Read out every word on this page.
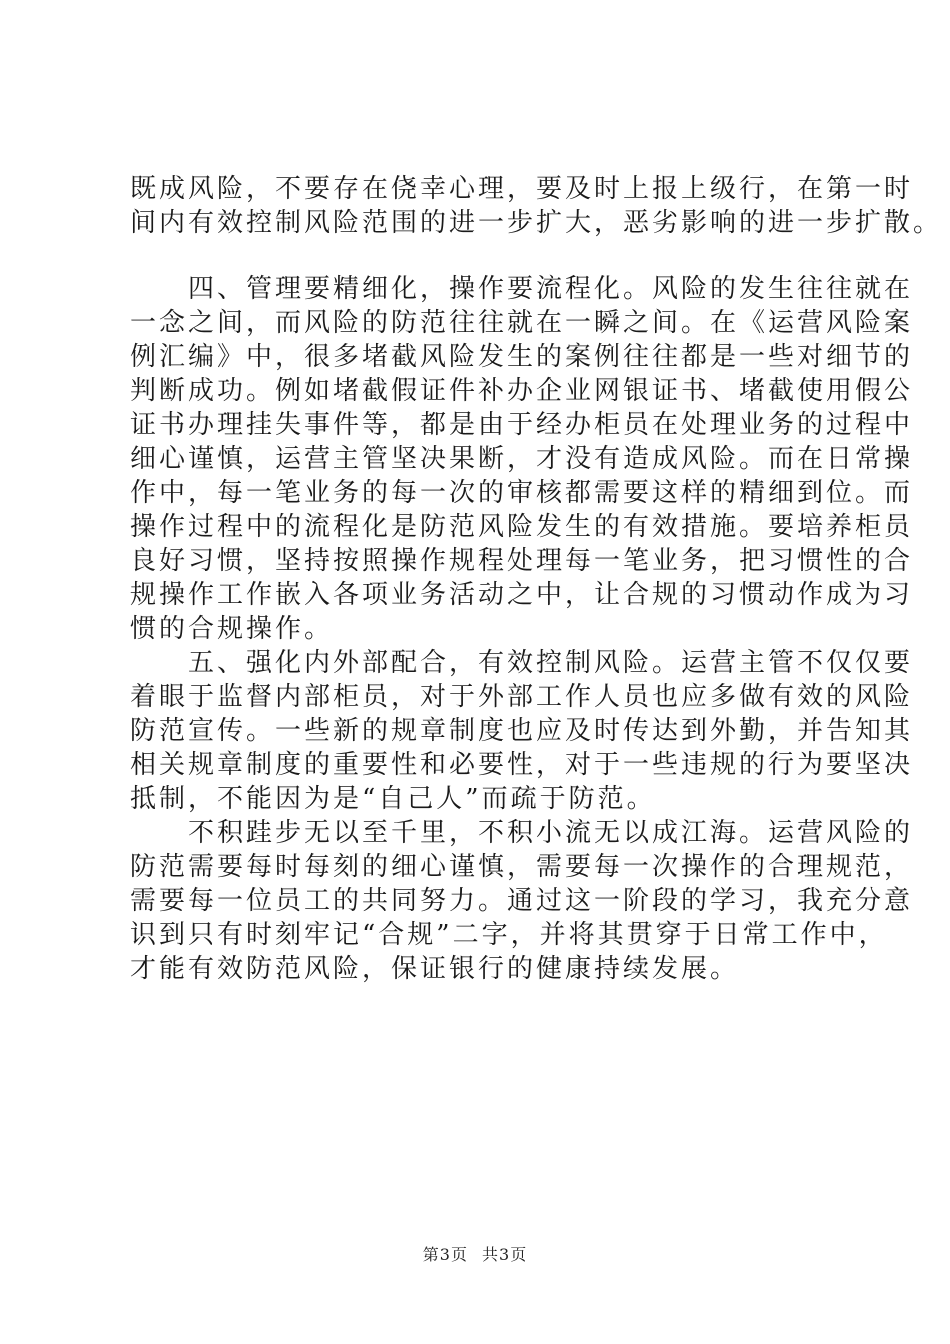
既成风险，不要存在侥幸心理，要及时上报上级行，在第一时
间内有效控制风险范围的进一步扩大，恶劣影响的进一步扩散。

　　四、管理要精细化，操作要流程化。风险的发生往往就在
一念之间，而风险的防范往往就在一瞬之间。在《运营风险案
例汇编》中，很多堵截风险发生的案例往往都是一些对细节的
判断成功。例如堵截假证件补办企业网银证书、堵截使用假公
证书办理挂失事件等，都是由于经办柜员在处理业务的过程中
细心谨慎，运营主管坚决果断，才没有造成风险。而在日常操
作中，每一笔业务的每一次的审核都需要这样的精细到位。而
操作过程中的流程化是防范风险发生的有效措施。要培养柜员
良好习惯，坚持按照操作规程处理每一笔业务，把习惯性的合
规操作工作嵌入各项业务活动之中，让合规的习惯动作成为习
惯的合规操作。

　　五、强化内外部配合，有效控制风险。运营主管不仅仅要
着眼于监督内部柜员，对于外部工作人员也应多做有效的风险
防范宣传。一些新的规章制度也应及时传达到外勤，并告知其
相关规章制度的重要性和必要性，对于一些违规的行为要坚决
抵制，不能因为是“自己人”而疏于防范。

　　不积跬步无以至千里，不积小流无以成江海。运营风险的
防范需要每时每刻的细心谨慎，需要每一次操作的合理规范，
需要每一位员工的共同努力。通过这一阶段的学习，我充分意
识到只有时刻牢记“合规”二字，并将其贯穿于日常工作中，
才能有效防范风险，保证银行的健康持续发展。

第3页 共3页
